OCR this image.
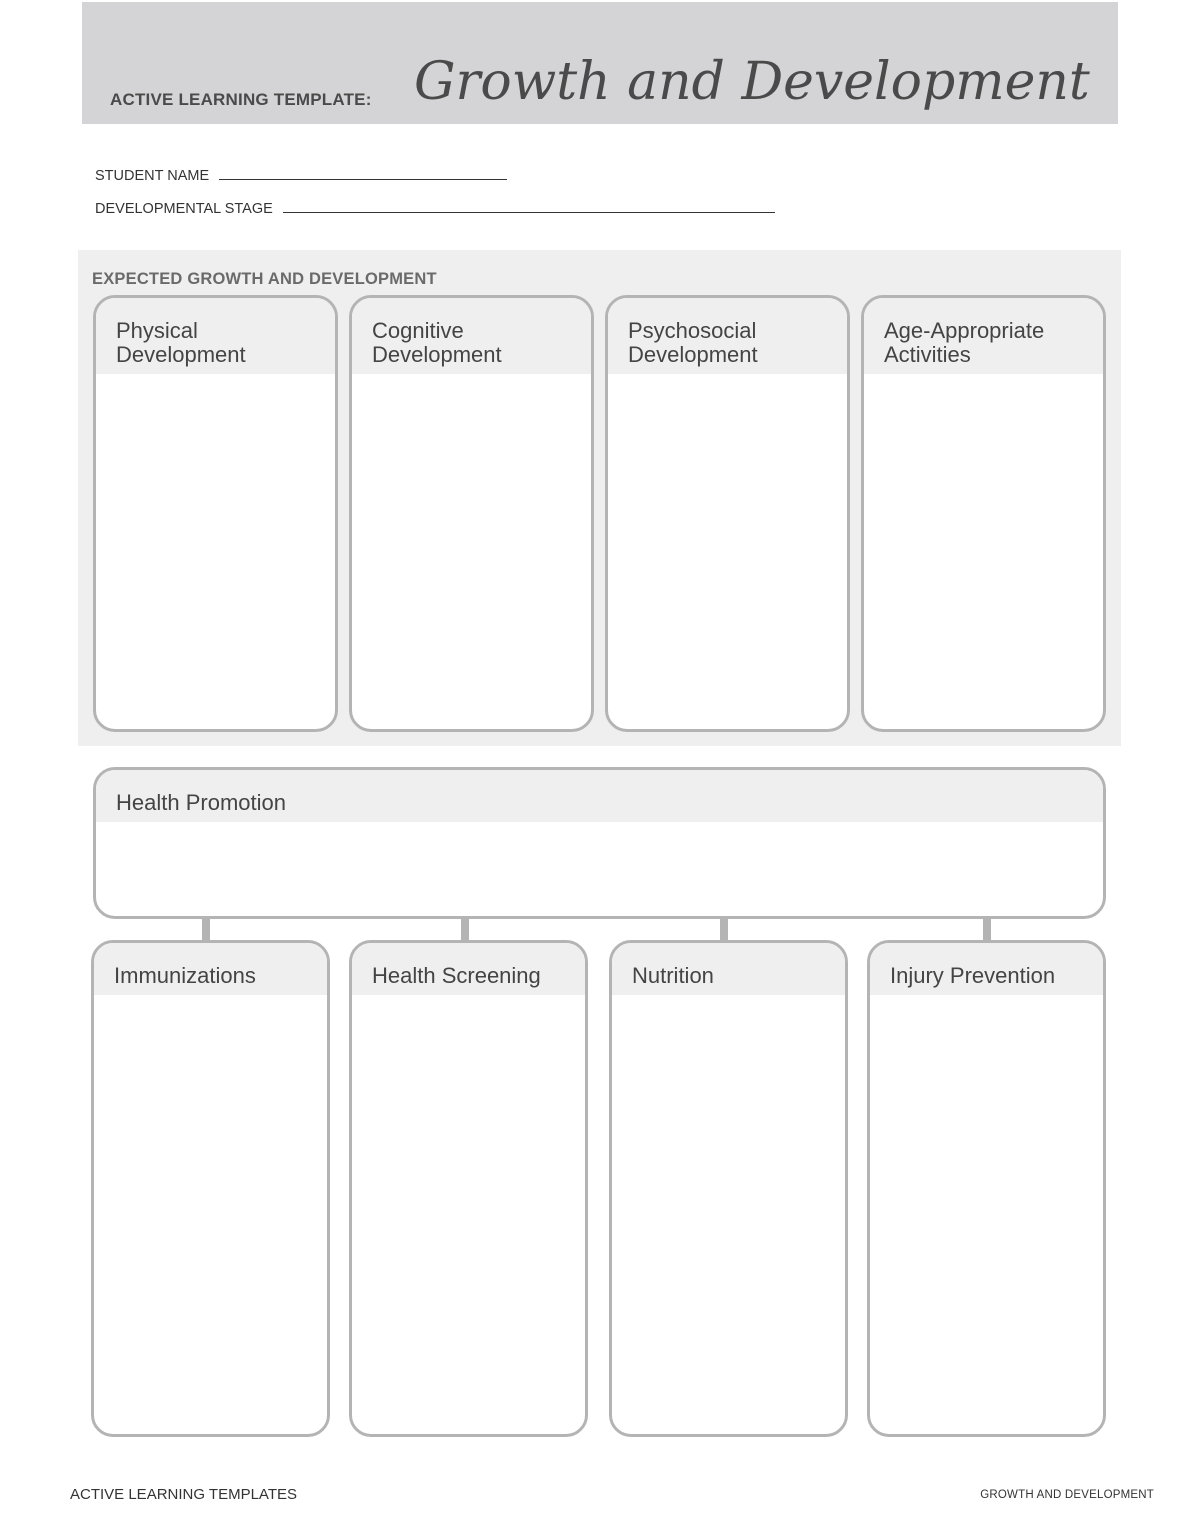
ACTIVE LEARNING TEMPLATE: Growth and Development
STUDENT NAME
DEVELOPMENTAL STAGE
EXPECTED GROWTH AND DEVELOPMENT
Physical
Development
Cognitive
Development
Psychosocial
Development
Age-Appropriate
Activities
Health Promotion
Immunizations	Health Screening	Nutrition	Injury Prevention
ACTIVE LEARNING TEMPLATES	GROWTH AND DEVELOPMENT
